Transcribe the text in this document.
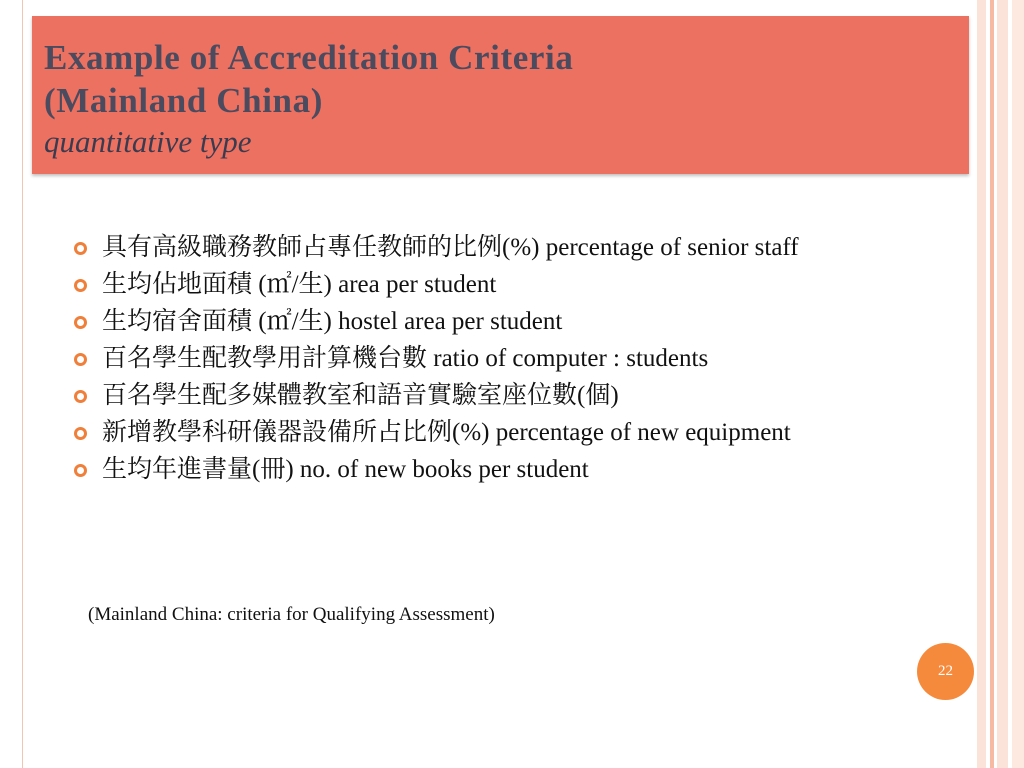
Example of Accreditation Criteria
(Mainland China)
quantitative type
具有高級職務教師占專任教師的比例(%) percentage of senior staff
生均佔地面積 (㎡/生) area per student
生均宿舍面積 (㎡/生) hostel area per student
百名學生配教學用計算機台數 ratio of computer : students
百名學生配多媒體教室和語音實驗室座位數(個)
新增教學科研儀器設備所占比例(%) percentage of new equipment
生均年進書量(冊) no. of new books per student
(Mainland China: criteria for Qualifying Assessment)
22
